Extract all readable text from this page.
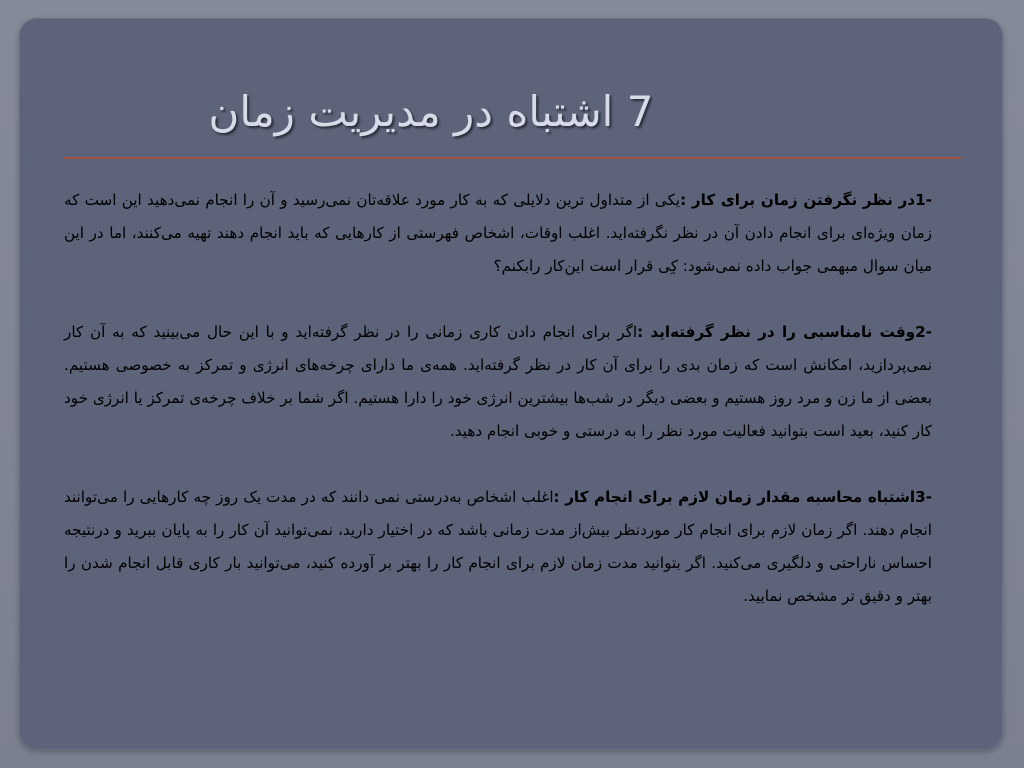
7 اشتباه در مدیریت زمان

-1در نظر نگرفتن زمان برای کار :یکی از متداول ترین دلایلی که به کار مورد علاقه‌تان نمی‌رسید و آن را انجام نمی‌دهید این است که زمان ویژه‌ای برای انجام دادن آن در نظر نگرفته‌اید. اغلب اوقات، اشخاص فهرستی از کارهایی که باید انجام دهند تهیه می‌کنند، اما در این میان سوال مبهمی جواب داده نمی‌شود: کِی قرار است این‌کار را‌بکنم؟

-2وقت نامناسبی را در نظر گرفته‌اید :اگر برای انجام دادن کاری زمانی را در نظر گرفته‌اید و با این حال می‌بینید که به آن کار نمی‌پردازید، امکانش است که زمان بدی را برای آن کار در نظر گرفته‌اید. همه‌ی ما دارای چرخه‌های انرژی و تمرکز به خصوصی هستیم. بعضی از ما زن و مرد روز هستیم و بعضی دیگر در شب‌ها بیشترین انرژی خود را دارا هستیم. اگر شما بر خلاف چرخه‌ی تمرکز یا انرژی خود کار کنید، بعید است بتوانید فعالیت مورد نظر را به درستی و خوبی انجام دهید.

-3اشتباه محاسبه مقدار زمان لازم برای انجام کار :اغلب اشخاص به‌درستی نمی دانند که در مدت یک روز چه کارهایی را می‌توانند انجام دهند. اگر زمان لازم برای انجام کار موردنظر بیش‌از مدت زمانی باشد که در اختیار دارید، نمی‌توانید آن کار را به پایان ببرید و درنتیجه احساس ناراحتی و دلگیری می‌کنید. اگر بتوانید مدت زمان لازم برای انجام کار را بهتر بر آورده کنید، می‌توانید بار کاری قابل انجام شدن را بهتر و دقیق تر مشخص نمایید.
